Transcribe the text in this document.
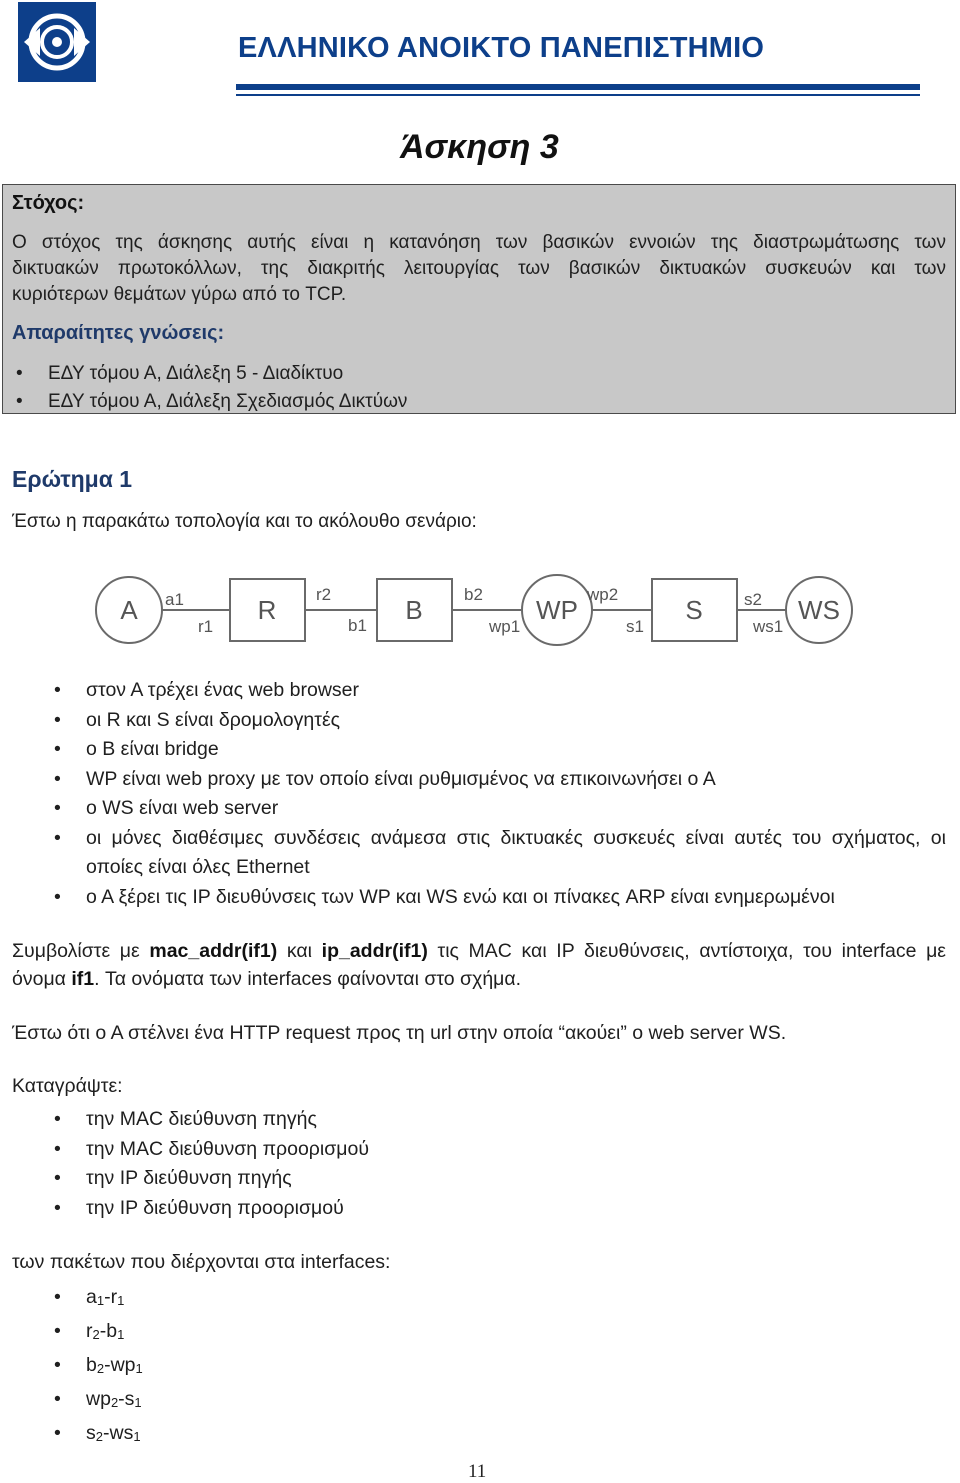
ΕΛΛΗΝΙΚΟ ΑΝΟΙΚΤΟ ΠΑΝΕΠΙΣΤΗΜΙΟ
Άσκηση 3
Στόχος:
Ο στόχος της άσκησης αυτής είναι η κατανόηση των βασικών εννοιών της διαστρωμάτωσης των
δικτυακών πρωτοκόλλων, της διακριτής λειτουργίας των βασικών δικτυακών συσκευών και των
κυριότερων θεμάτων γύρω από το TCP.
Απαραίτητες γνώσεις:
• ΕΔΥ τόμου Α, Διάλεξη 5 - Διαδίκτυο
• ΕΔΥ τόμου Α, Διάλεξη Σχεδιασμός Δικτύων
Ερώτημα 1
Έστω η παρακάτω τοπολογία και το ακόλουθο σενάριο:
A	R	B	WP	S	WS
a1
r1
r2
b1
b2
wp1
wp2
s1
s2
ws1
• στον Α τρέχει ένας web browser
• οι R και S είναι δρομολογητές
• ο Β είναι bridge
• WP είναι web proxy με τον οποίο είναι ρυθμισμένος να επικοινωνήσει ο Α
• ο WS είναι web server
• οι μόνες διαθέσιμες συνδέσεις ανάμεσα στις δικτυακές συσκευές είναι αυτές του σχήματος, οι οποίες είναι όλες Ethernet
• ο Α ξέρει τις IP διευθύνσεις των WP και WS ενώ και οι πίνακες ARP είναι ενημερωμένοι
Συμβολίστε με mac_addr(if1) και ip_addr(if1) τις MAC και IP διευθύνσεις, αντίστοιχα, του interface με όνομα if1. Τα ονόματα των interfaces φαίνονται στο σχήμα.
Έστω ότι ο Α στέλνει ένα HTTP request προς τη url στην οποία “ακούει” ο web server WS.
Καταγράψτε:
• την MAC διεύθυνση πηγής
• την MAC διεύθυνση προορισμού
• την IP διεύθυνση πηγής
• την IP διεύθυνση προορισμού
των πακέτων που διέρχονται στα interfaces:
• $a_1-r_1$
• $r_2-b_1$
• $b_2-wp_1$
• $wp_2-s_1$
• $s_2-ws_1$
11
